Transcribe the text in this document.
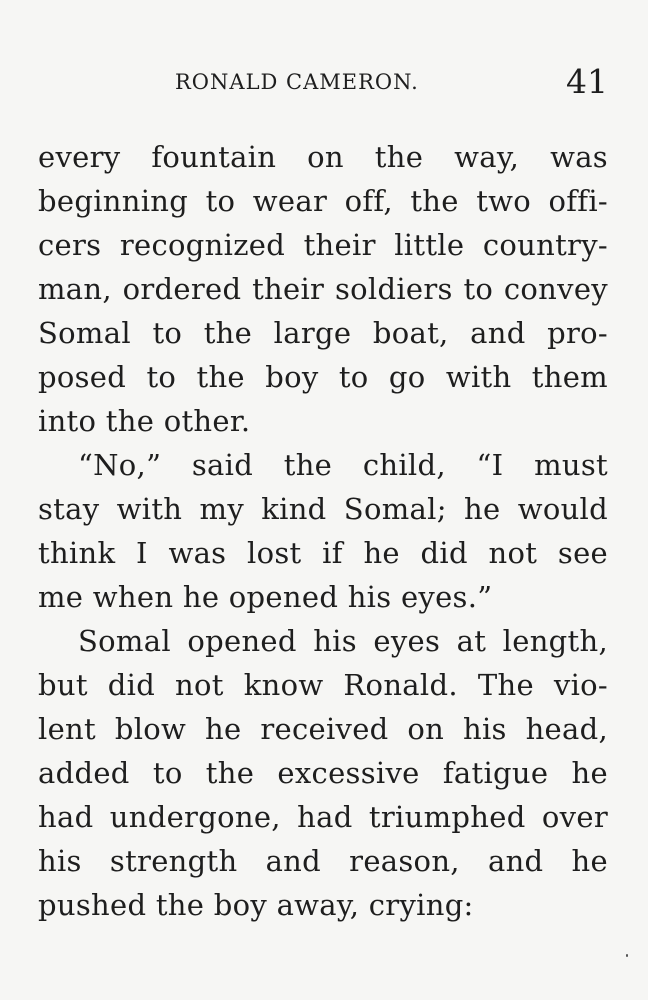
RONALD CAMERON.	41
every fountain on the way, was
beginning to wear off, the two offi-
cers recognized their little country-
man, ordered their soldiers to convey
Somal to the large boat, and pro-
posed to the boy to go with them
into the other.
“No,” said the child, “I must
stay with my kind Somal; he would
think I was lost if he did not see
me when he opened his eyes.”
Somal opened his eyes at length,
but did not know Ronald. The vio-
lent blow he received on his head,
added to the excessive fatigue he
had undergone, had triumphed over
his strength and reason, and he
pushed the boy away, crying:
